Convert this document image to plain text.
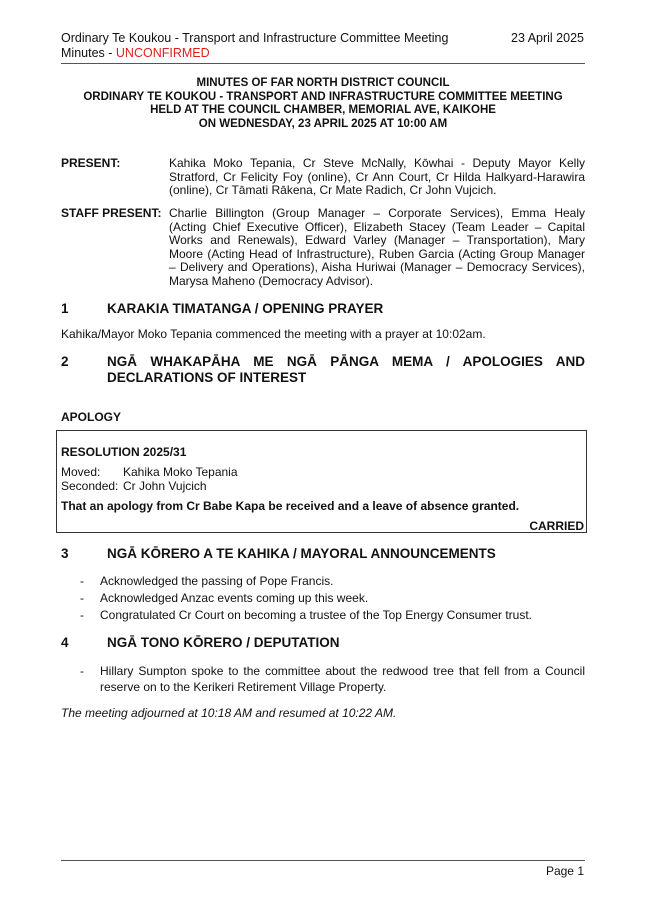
Ordinary Te Koukou - Transport and Infrastructure Committee Meeting
Minutes - UNCONFIRMED
23 April 2025
MINUTES OF FAR NORTH DISTRICT COUNCIL
ORDINARY TE KOUKOU - TRANSPORT AND INFRASTRUCTURE COMMITTEE MEETING
HELD AT THE COUNCIL CHAMBER, MEMORIAL AVE, KAIKOHE
ON WEDNESDAY, 23 APRIL 2025 AT 10:00 AM
PRESENT:	Kahika Moko Tepania, Cr Steve McNally, Kōwhai - Deputy Mayor Kelly Stratford, Cr Felicity Foy (online), Cr Ann Court, Cr Hilda Halkyard-Harawira (online), Cr Tāmati Rākena, Cr Mate Radich, Cr John Vujcich.
STAFF PRESENT: Charlie Billington (Group Manager – Corporate Services), Emma Healy (Acting Chief Executive Officer), Elizabeth Stacey (Team Leader – Capital Works and Renewals), Edward Varley (Manager – Transportation), Mary Moore (Acting Head of Infrastructure), Ruben Garcia (Acting Group Manager – Delivery and Operations), Aisha Huriwai (Manager – Democracy Services), Marysa Maheno (Democracy Advisor).
1	KARAKIA TIMATANGA / OPENING PRAYER
Kahika/Mayor Moko Tepania commenced the meeting with a prayer at 10:02am.
2	NGĀ WHAKAPĀHA ME NGĀ PĀNGA MEMA / APOLOGIES AND DECLARATIONS OF INTEREST
APOLOGY
RESOLUTION 2025/31
Moved: Kahika Moko Tepania
Seconded: Cr John Vujcich
That an apology from Cr Babe Kapa be received and a leave of absence granted.
CARRIED
3	NGĀ KŌRERO A TE KAHIKA / MAYORAL ANNOUNCEMENTS
- Acknowledged the passing of Pope Francis.
- Acknowledged Anzac events coming up this week.
- Congratulated Cr Court on becoming a trustee of the Top Energy Consumer trust.
4	NGĀ TONO KŌRERO / DEPUTATION
- Hillary Sumpton spoke to the committee about the redwood tree that fell from a Council reserve on to the Kerikeri Retirement Village Property.
The meeting adjourned at 10:18 AM and resumed at 10:22 AM.
Page 1
